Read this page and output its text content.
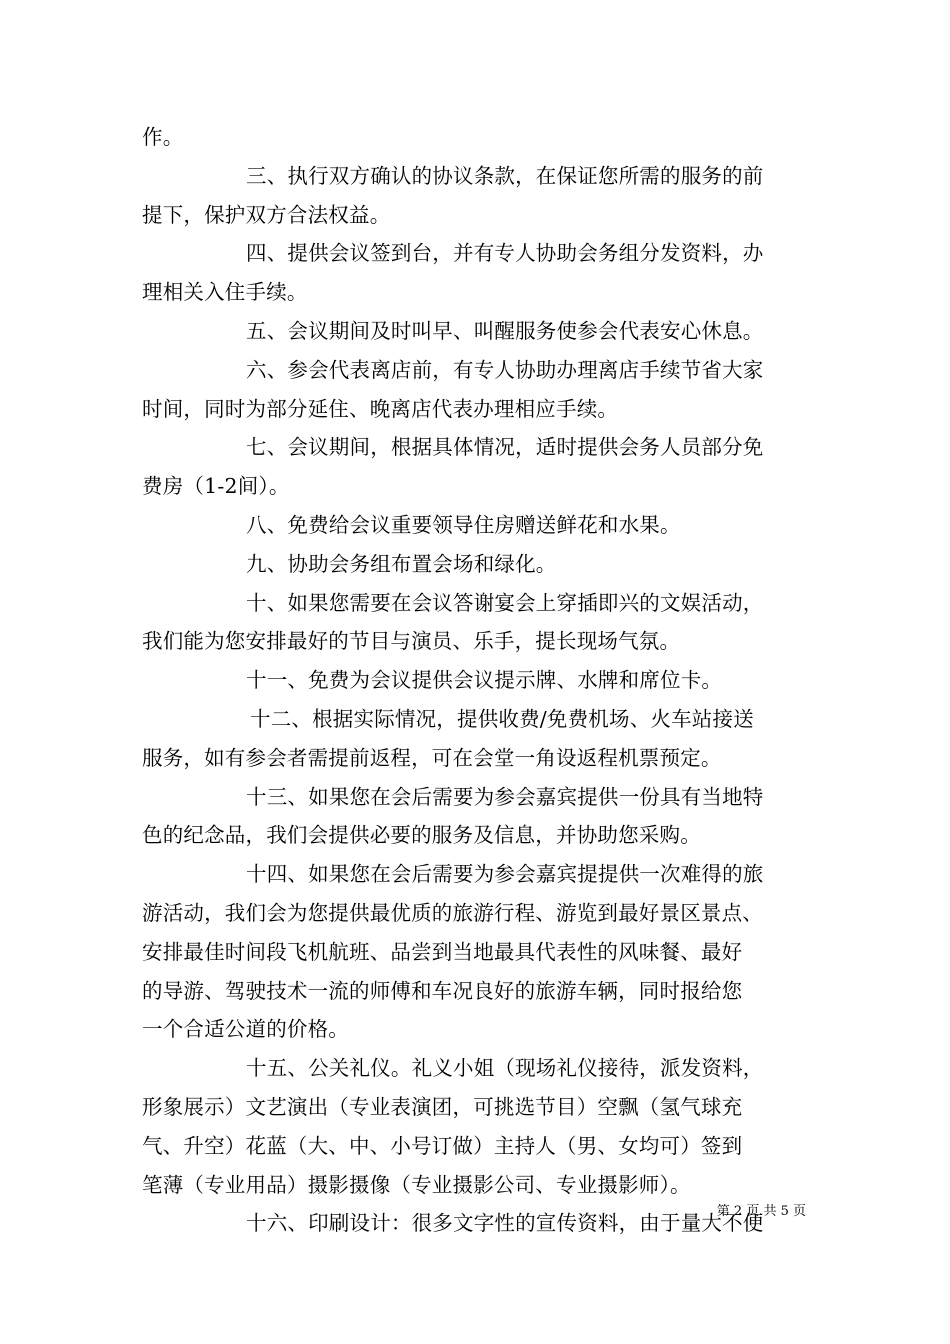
作。
三、执行双方确认的协议条款，在保证您所需的服务的前
提下，保护双方合法权益。
四、提供会议签到台，并有专人协助会务组分发资料，办
理相关入住手续。
五、会议期间及时叫早、叫醒服务使参会代表安心休息。
六、参会代表离店前，有专人协助办理离店手续节省大家
时间，同时为部分延住、晚离店代表办理相应手续。
七、会议期间，根据具体情况，适时提供会务人员部分免
费房（1-2间）。
八、免费给会议重要领导住房赠送鲜花和水果。
九、协助会务组布置会场和绿化。
十、如果您需要在会议答谢宴会上穿插即兴的文娱活动，
我们能为您安排最好的节目与演员、乐手，提长现场气氛。
十一、免费为会议提供会议提示牌、水牌和席位卡。
十二、根据实际情况，提供收费/免费机场、火车站接送
服务，如有参会者需提前返程，可在会堂一角设返程机票预定。
十三、如果您在会后需要为参会嘉宾提供一份具有当地特
色的纪念品，我们会提供必要的服务及信息，并协助您采购。
十四、如果您在会后需要为参会嘉宾提提供一次难得的旅
游活动，我们会为您提供最优质的旅游行程、游览到最好景区景点、
安排最佳时间段飞机航班、品尝到当地最具代表性的风味餐、最好
的导游、驾驶技术一流的师傅和车况良好的旅游车辆，同时报给您
一个合适公道的价格。
十五、公关礼仪。礼义小姐（现场礼仪接待，派发资料，
形象展示）文艺演出（专业表演团，可挑选节目）空飘（氢气球充
气、升空）花蓝（大、中、小号订做）主持人（男、女均可）签到
笔薄（专业用品）摄影摄像（专业摄影公司、专业摄影师）。
十六、印刷设计：很多文字性的宣传资料，由于量大不便
第 2 页 共 5 页
